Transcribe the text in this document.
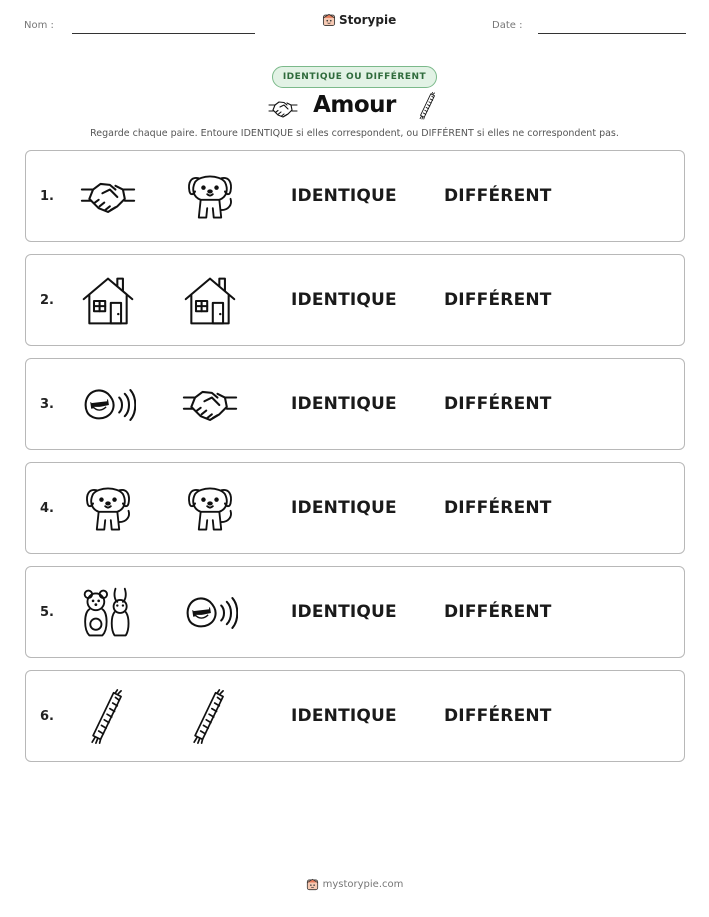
Nom :	Storypie	Date :
IDENTIQUE OU DIFFÉRENT
Amour
Regarde chaque paire. Entoure IDENTIQUE si elles correspondent, ou DIFFÉRENT si elles ne correspondent pas.
1.	IDENTIQUE	DIFFÉRENT
2.	IDENTIQUE	DIFFÉRENT
3.	IDENTIQUE	DIFFÉRENT
4.	IDENTIQUE	DIFFÉRENT
5.	IDENTIQUE	DIFFÉRENT
6.	IDENTIQUE	DIFFÉRENT
mystorypie.com
